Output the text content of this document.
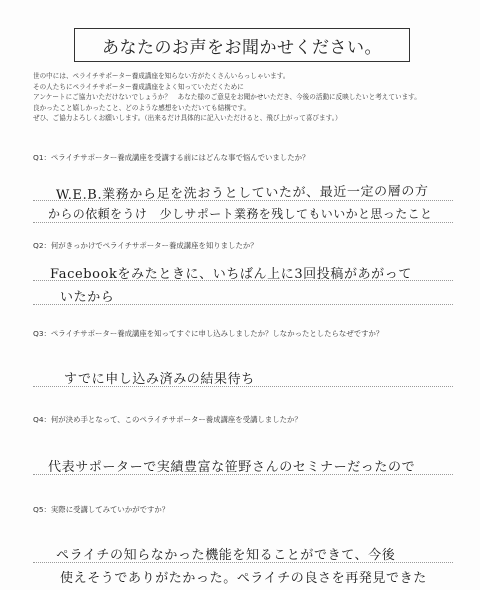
あなたのお声をお聞かせください。
世の中には、ペライチサポーター養成講座を知らない方がたくさんいらっしゃいます。
その人たちにペライチサポーター養成講座をよく知っていただくために
アンケートにご協力いただけないでしょうか？　あなた様のご意見をお聞かせいただき、今後の活動に反映したいと考えています。
良かったこと嬉しかったこと、どのような感想をいただいても結構です。
ぜひ、ご協力よろしくお願いします。（出来るだけ具体的に記入いただけると、飛び上がって喜びます。）
Q1：ペライチサポーター養成講座を受講する前にはどんな事で悩んでいましたか？
W.E.B.業務から足を洗おうとしていたが、最近一定の層の方
からの依頼をうけ　少しサポート業務を残してもいいかと思ったこと
Q2：何がきっかけでペライチサポーター養成講座を知りましたか？
Facebookをみたときに、いちばん上に3回投稿があがって
いたから
Q3：ペライチサポーター養成講座を知ってすぐに申し込みしましたか？しなかったとしたらなぜですか？
すでに申し込み済みの結果待ち
Q4：何が決め手となって、このペライチサポーター養成講座を受講しましたか？
代表サポーターで実績豊富な笹野さんのセミナーだったので
Q5：実際に受講してみていかがですか？
ペライチの知らなかった機能を知ることができて、今後
使えそうでありがたかった。ペライチの良さを再発見できた
